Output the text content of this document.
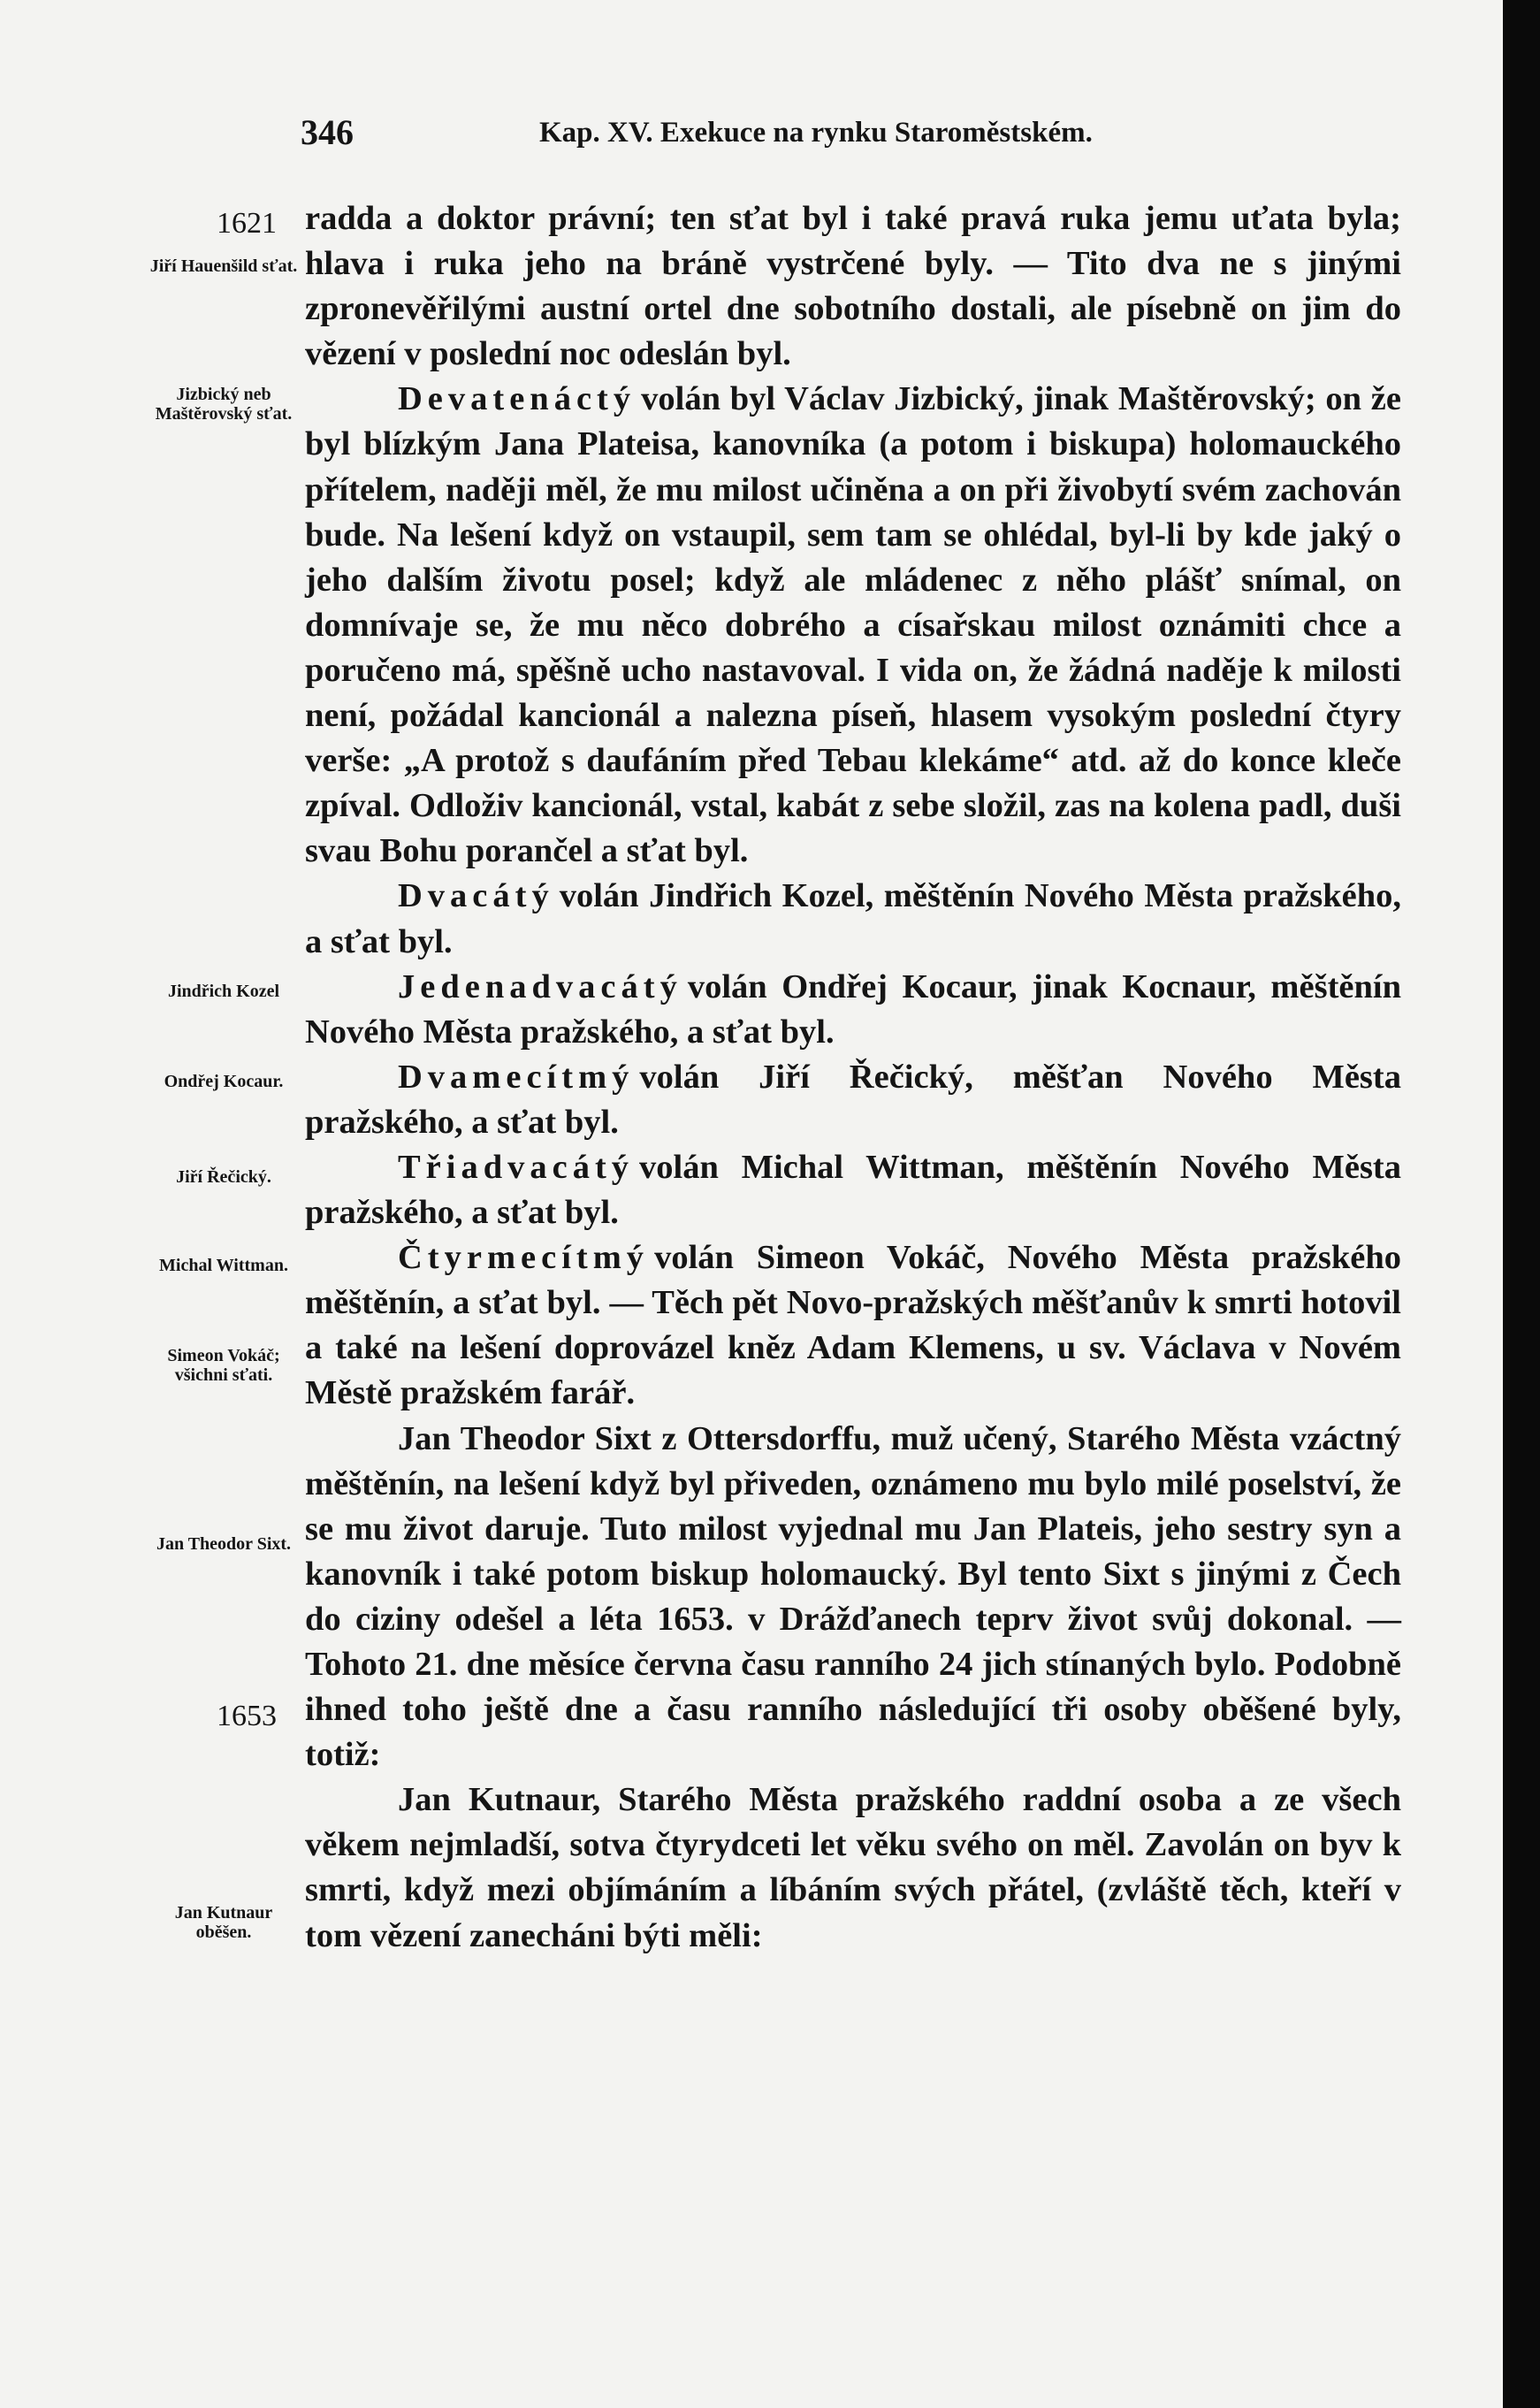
346	Kap. XV. Exekuce na rynku Staroměstském.
1621
Jiří Hauenšild sťat.
Jizbický neb Maštěrovský sťat.
Jindřich Kozel
Ondřej Kocaur.
Jiří Řečický.
Michal Wittman.
Simeon Vokáč; všichni sťati.
Jan Theodor Sixt.
1653
Jan Kutnaur oběšen.

radda a doktor právní; ten sťat byl i také pravá ruka jemu uťata byla; hlava i ruka jeho na bráně vystrčené byly. — Tito dva ne s jinými zpronevěřilými austní ortel dne sobotního dostali, ale písebně on jim do vězení v poslední noc odeslán byl.

Devatenáctý volán byl Václav Jizbický, jinak Maštěrovský; on že byl blízkým Jana Plateisa, kanovníka (a potom i biskupa) holomauckého přítelem, naději měl, že mu milost učiněna a on při živobytí svém zachován bude. Na lešení když on vstaupil, sem tam se ohlédal, byl-li by kde jaký o jeho dalším životu posel; když ale mládenec z něho plášť snímal, on domnívaje se, že mu něco dobrého a císařskau milost oznámiti chce a poručeno má, spěšně ucho nastavoval. I vida on, že žádná naděje k milosti není, požádal kancionál a nalezna píseň, hlasem vysokým poslední čtyry verše: „A protož s daufáním před Tebau klekáme“ atd. až do konce kleče zpíval. Odloživ kancionál, vstal, kabát z sebe složil, zas na kolena padl, duši svau Bohu porančel a sťat byl.

Dvacátý volán Jindřich Kozel, měštěnín Nového Města pražského, a sťat byl.

Jedenadvacátý volán Ondřej Kocaur, jinak Kocnaur, měštěnín Nového Města pražského, a sťat byl.

Dvamecítmý volán Jiří Řečický, měšťan Nového Města pražského, a sťat byl.

Třiadvacátý volán Michal Wittman, měštěnín Nového Města pražského, a sťat byl.

Čtyrmecítmý volán Simeon Vokáč, Nového Města pražského měštěnín, a sťat byl. — Těch pět Novo-pražských měšťanův k smrti hotovil a také na lešení doprovázel kněz Adam Klemens, u sv. Václava v Novém Městě pražském farář.

Jan Theodor Sixt z Ottersdorffu, muž učený, Starého Města vzáctný měštěnín, na lešení když byl přiveden, oznámeno mu bylo milé poselství, že se mu život daruje. Tuto milost vyjednal mu Jan Plateis, jeho sestry syn a kanovník i také potom biskup holomaucký. Byl tento Sixt s jinými z Čech do ciziny odešel a léta 1653. v Drážďanech teprv život svůj dokonal. — Tohoto 21. dne měsíce června času ranního 24 jich stínaných bylo. Podobně ihned toho ještě dne a času ranního následující tři osoby oběšené byly, totiž:

Jan Kutnaur, Starého Města pražského raddní osoba a ze všech věkem nejmladší, sotva čtyrydceti let věku svého on měl. Zavolán on byv k smrti, když mezi objímáním a líbáním svých přátel, (zvláště těch, kteří v tom vězení zanecháni býti měli:
